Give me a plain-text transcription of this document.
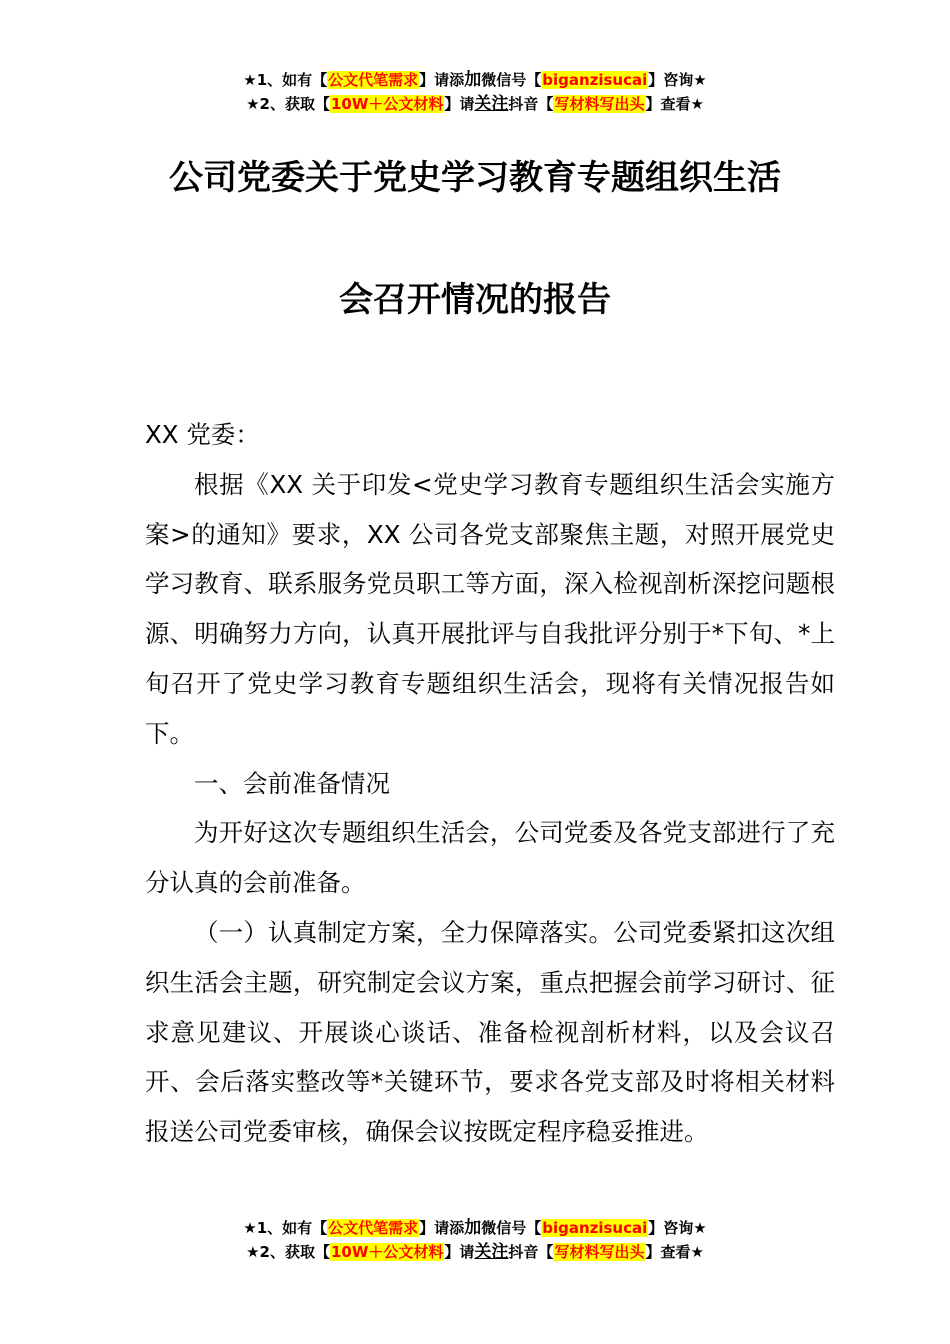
★1、如有【公文代笔需求】请添加微信号【biganzisucai】咨询★
★2、获取【10W＋公文材料】请关注抖音【写材料写出头】查看★
公司党委关于党史学习教育专题组织生活
会召开情况的报告

XX 党委：

根据《XX 关于印发<党史学习教育专题组织生活会实施方案>的通知》要求，XX 公司各党支部聚焦主题，对照开展党史学习教育、联系服务党员职工等方面，深入检视剖析深挖问题根源、明确努力方向，认真开展批评与自我批评分别于*下旬、*上旬召开了党史学习教育专题组织生活会，现将有关情况报告如下。

一、会前准备情况

为开好这次专题组织生活会，公司党委及各党支部进行了充分认真的会前准备。

（一）认真制定方案，全力保障落实。公司党委紧扣这次组织生活会主题，研究制定会议方案，重点把握会前学习研讨、征求意见建议、开展谈心谈话、准备检视剖析材料，以及会议召开、会后落实整改等*关键环节，要求各党支部及时将相关材料报送公司党委审核，确保会议按既定程序稳妥推进。

★1、如有【公文代笔需求】请添加微信号【biganzisucai】咨询★
★2、获取【10W＋公文材料】请关注抖音【写材料写出头】查看★
